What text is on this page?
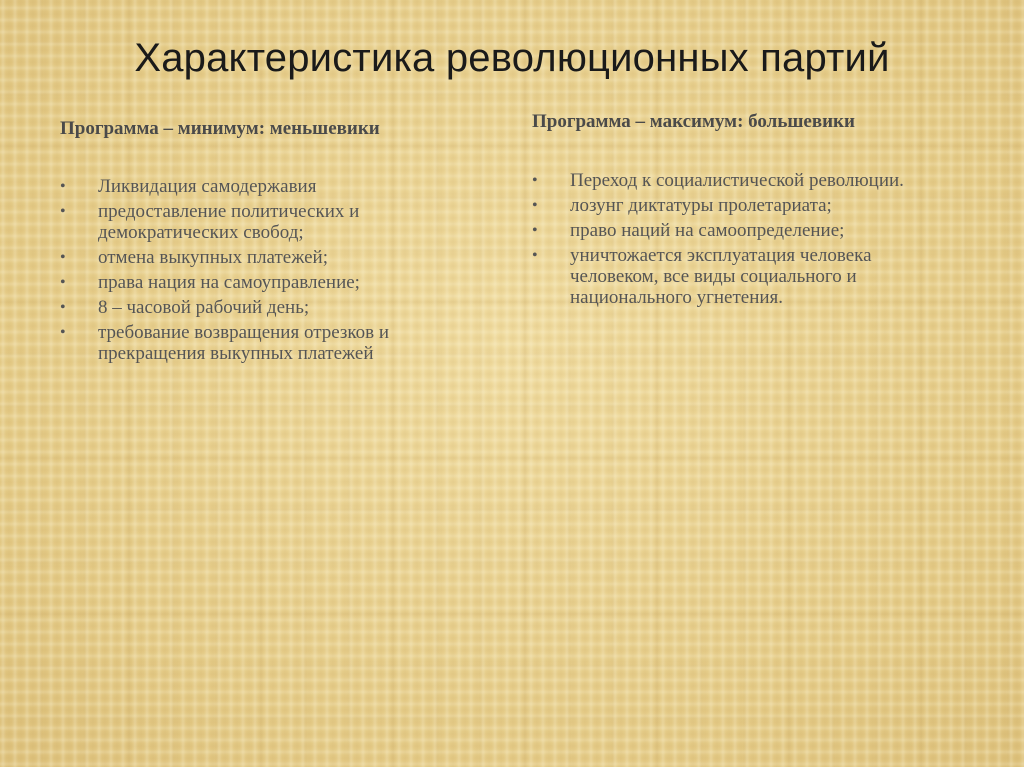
Характеристика революционных партий
Программа – минимум: меньшевики
• Ликвидация самодержавия
• предоставление политических и демократических свобод;
• отмена выкупных платежей;
• права нация на самоуправление;
• 8 – часовой рабочий день;
• требование возвращения отрезков и прекращения выкупных платежей
Программа – максимум: большевики
• Переход к социалистической революции.
• лозунг диктатуры пролетариата;
• право наций на самоопределение;
• уничтожается эксплуатация человека человеком, все виды социального и национального угнетения.
